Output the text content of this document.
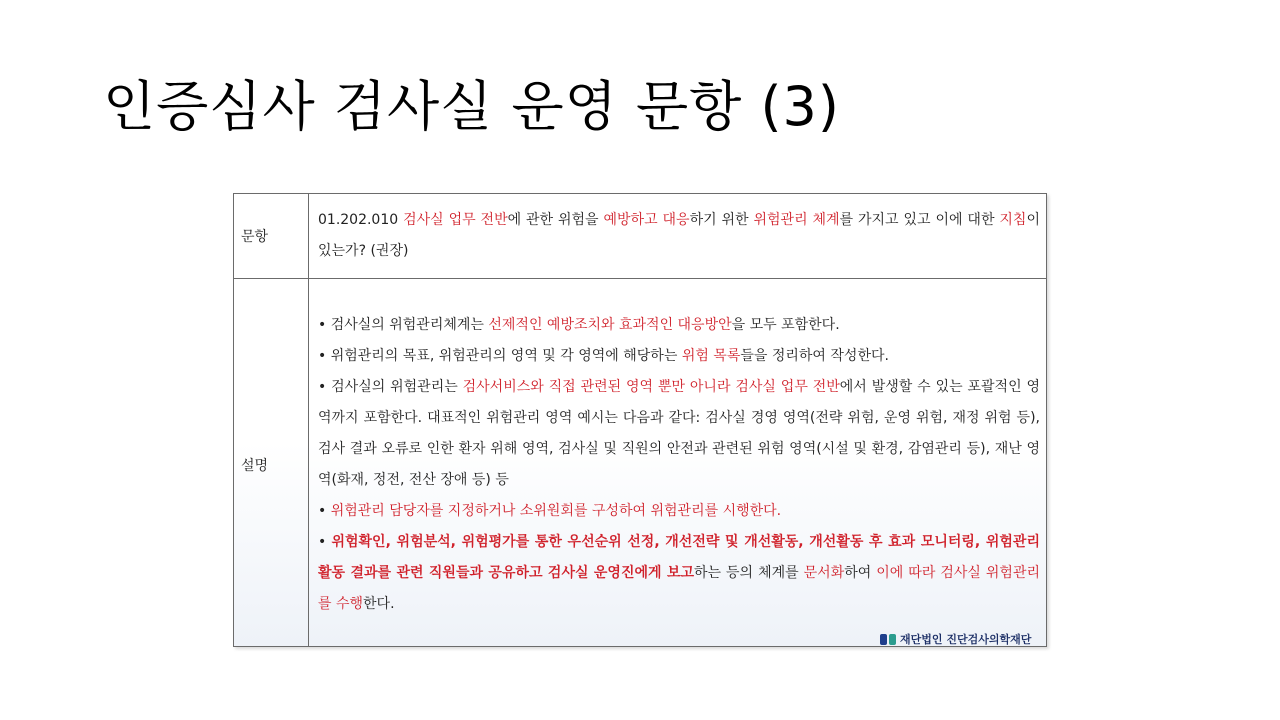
인증심사 검사실 운영 문항 (3)
문항	01.202.010 검사실 업무 전반에 관한 위험을 예방하고 대응하기 위한 위험관리 체계를 가지고 있고 이에 대한 지침이 있는가? (권장)

설명	• 검사실의 위험관리체계는 선제적인 예방조치와 효과적인 대응방안을 모두 포함한다.

• 위험관리의 목표, 위험관리의 영역 및 각 영역에 해당하는 위험 목록들을 정리하여 작성한다.

• 검사실의 위험관리는 검사서비스와 직접 관련된 영역 뿐만 아니라 검사실 업무 전반에서 발생할 수 있는 포괄적인 영역까지 포함한다. 대표적인 위험관리 영역 예시는 다음과 같다: 검사실 경영 영역(전략 위험, 운영 위험, 재정 위험 등), 검사 결과 오류로 인한 환자 위해 영역, 검사실 및 직원의 안전과 관련된 위험 영역(시설 및 환경, 감염관리 등), 재난 영역(화재, 정전, 전산 장애 등) 등

• 위험관리 담당자를 지정하거나 소위원회를 구성하여 위험관리를 시행한다.

• 위험확인, 위험분석, 위험평가를 통한 우선순위 선정, 개선전략 및 개선활동, 개선활동 후 효과 모니터링, 위험관리 활동 결과를 관련 직원들과 공유하고 검사실 운영진에게 보고하는 등의 체계를 문서화하여 이에 따라 검사실 위험관리를 수행한다.

재단법인 진단검사의학재단
